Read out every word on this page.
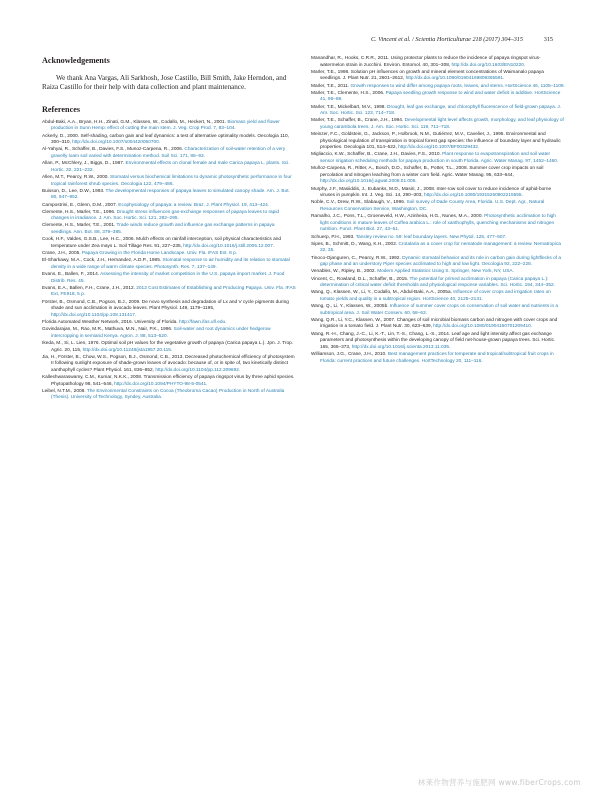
C. Vincent et al. / Scientia Horticulturae 218 (2017) 304–315	315
Acknowledgements

We thank Ana Vargas, Ali Sarkhosh, Jose Castillo, Bill Smith, Jake Herndon, and Raiza Castillo for their help with data collection and plant maintenance.

References

Abdul-Baki, A.A., Bryan, H.H., Zinati, G.M., Klassen, W., Codallo, M., Heckert, N., 2001. Biomass yield and flower production in Sunn Hemp: effect of cutting the main stem. J. Veg. Crop Prod. 7, 83–104.

Ackerly, D., 2000. Self-shading, carbon gain and leaf dynamics: a test of alternative optimality models. Oecologia 110, 300–310, http://dx.doi.org/10.1007/s004420050700.

Al-Yahyai, R., Schaffer, B., Davies, F.S., Munoz-Carpena, R., 2006. Characterization of soil-water retention of a very gravelly loam soil varied with determination method. Soil Sci. 171, 85–93.

Allan, P., McChlery, J., Biggs, D., 1987. Environmental effects on clonal female and male Carica papaya L. plants. Sci. Hortic. 32, 221–232.

Allen, M.T., Pearcy, R.W., 2000. Stomatal versus biochemical limitations to dynamic photosynthetic performance in four tropical rainforest shrub species. Oecologia 122, 479–486.

Buisson, D., Lee, D.W., 1993. The developmental responses of papaya leaves to simulated canopy shade. Am. J. Bot. 80, 947–952.

Campostrini, E., Glenn, D.M., 2007. Ecophysiology of papaya: a review. Braz. J. Plant Physiol. 19, 413–424.

Clemente, H.S., Marler, T.E., 1996. Drought stress influences gas-exchange responses of papaya leaves to rapid changes in irradiance. J. Am. Soc. Hortic. Sci. 121, 292–295.

Clemente, H.S., Marler, T.E., 2001. Trade winds reduce growth and influence gas exchange patterns in papaya seedlings. Ann. Bot. 88, 379–385.

Cook, H.F., Valdes, G.S.B., Lee, H.C., 2006. Mulch effects on rainfall interception, soil physical characteristics and temperature under Zea mays L. Soil Tillage Res. 91, 227–235, http://dx.doi.org/10.1016/j.still.2005.12.007.

Crane, J.H., 2005. Papaya Growing in the Florida Home Landscape. Univ. Fla. IFAS Ext. 8 p.

El-Sharkawy, M.A., Cock, J.H., Hernandez, A.D.P., 1985. Stomatal response to air humidity and its relation to stomatal density in a wide range of warm climate species. Photosynth. Res. 7, 137–149.

Evans, E., Ballen, F., 2014. Assessing the intensity of market competition in the U.S. papaya import market. J. Food Distrib. Res. 45.

Evans, E.A., Ballen, F.H., Crane, J.H., 2012. 2012 Cost Estimates of Establishing and Producing Papaya. Univ. Fla. IFAS Ext, FE918, 5 p.

Förster, B., Osmond, C.B., Pogson, B.J., 2009. De novo synthesis and degradation of Lx and V cycle pigments during shade and sun acclimation in avocado leaves. Plant Physiol. 149, 1179–1195, http://dx.doi.org/10.1104/pp.108.131417.

Florida Automated Weather Network, 2016. University of Florida. http://fawn.ifas.ufl.edu.

Govindarajan, M., Rao, M.R., Mathuva, M.N., Nair, P.K., 1996. Soil-water and root dynamics under hedgerow intercropping in semiarid Kenya. Agron. J. 88, 513–520.

Ikeda, M., Si, L. Lien, 1976. Optimal soil pH values for the vegetative growth of papaya (Carica papaya L.). Jpn. J. Trop. Agric. 20, 115, http://dx.doi.org/10.11248/jsta1957.20.115.

Jia, H., Förster, B., Chow, W.S., Pogson, B.J., Osmond, C.B., 2013. Decreased photochemical efficiency of photosystem II following sunlight exposure of shade-grown leaves of avocado: because of, or in spite of, two kinetically distinct xanthophyll cycles? Plant Physiol. 161, 836–852, http://dx.doi.org/10.1104/pp.112.209692.

Kalleshwaraswamy, C.M., Kumar, N.K.K., 2008. Transmission efficiency of papaya ringspot virus by three aphid species. Phytopathology 98, 541–546, http://dx.doi.org/10.1094/PHYTO-98-5-0541.

Leibel, N.T.M., 2008. The Environmental Constraints on Cocoa (Theobroma Cacao) Production in North of Australia (Thesis). University of Technology, Syndey, Australia.

Manandhar, R., Hooks, C.R.R., 2011. Using protector plants to reduce the incidence of papaya ringspot virus-watermelon strain in zucchini. Environ. Entomol. 40, 301–308, http://dx.doi.org/10.1603/EN10220.

Marler, T.E., 1998. Solution pH influences on growth and mineral element concentrations of Waimanalo papaya seedlings. J. Plant Nutr. 21, 2601–2612, http://dx.doi.org/10.1080/01904169809365591.

Marler, T.E., 2011. Growth responses to wind differ among papaya roots, leaves, and stems. HortScience 46, 1105–1109.

Marler, T.E., Clemente, H.S., 2006. Papaya seedling growth response to wind and water deficit is additive. HortScience 41, 96–98.

Marler, T.E., Mickelbart, M.V., 1998. Drought, leaf gas exchange, and chlorophyll fluorescence of field-grown papaya. J. Am. Soc. Hortic. Sci. 123, 714–718.

Marler, T.E., Schaffer, B., Crane, J.H., 1994. Developmental light level affects growth, morphology, and leaf physiology of young carambola trees. J. Am. Soc. Hortic. Sci. 119, 711–718.

Meinzer, F.C., Goldstein, G., Jackson, P., Holbrook, N.M., Gutiérrez, M.V., Cavelier, J., 1995. Environmental and physiological regulation of transpiration in tropical forest gap species: the influence of boundary layer and hydraulic properties. Oecologia 101, 514–522, http://dx.doi.org/10.1007/BF00329432.

Migliaccio, K.W., Schaffer, B., Crane, J.H., Davies, F.S., 2010. Plant response to evapotranspiration and soil water sensor irrigation scheduling methods for papaya production in south Florida. Agric. Water Manag. 97, 1452–1460.

Muñoz-Carpena, R., Ritter, A., Bosch, D.D., Schaffer, B., Potter, T.L., 2008. Summer cover crop impacts on soil percolation and nitrogen leaching from a winter corn field. Agric. Water Manag. 95, 633–644, http://dx.doi.org/10.1016/j.agwat.2008.01.005.

Murphy, J.F., Masiiddis, J., Eubanks, M.D., Masiri, J., 2008. Inter-row soil cover to reduce incidence of aphid-borne viruses in pumpkin. Int. J. Veg. Sci. 14, 290–303, http://dx.doi.org/10.1080/19315260802215555.

Noble, C.V., Drew, R.W., Slabaugh, V., 1996. Soil survey of Dade County Area, Florida. U.S. Dept. Agr., Natural Resources Conservation Service, Washington, DC.

Ramalho, J.C., Pons, T.L., Groeneveld, H.W., Azinheira, H.G., Nunes, M.A., 2000. Photosynthetic acclimation to high light conditions in mature leaves of Coffea arabica L.: role of xanthophylls, quenching mechanisms and nitrogen nutrition. Funct. Plant Biol. 27, 43–51.

Schuerp, P.H., 1993. Tansley review no. 59: leaf boundary layers. New Phytol. 125, 477–507.

Sipes, B., Schmitt, D., Wang, K.H., 2002. Crotalaria as a cover crop for nematode management: a review. Nematropica 32, 35.

Tinoco-Ojanguren, C., Pearcy, R.W., 1992. Dynamic stomatal behavior and its role in carbon gain during lightflecks of a gap phase and an understory Piper species acclimated to high and low light. Oecologia 92, 222–228.

Venables, W., Ripley, B., 2002. Modern Applied Statistics Using S. Springer, New York, NY, USA.

Vincent, C., Rowland, D.L., Schaffer, B., 2015. The potential for primed acclimation in papaya (Carica papaya L.): determination of critical water deficit thresholds and physiological response variables. Sci. Hortic. 194, 344–352.

Wang, Q., Klassen, W., Li, Y., Codallo, M., Abdul-Baki, A.A., 2005a. Influence of cover crops and irrigation rates on tomato yields and quality in a subtropical region. HortScience 40, 2125–2131.

Wang, Q., Li, Y., Klassen, W., 2005b. Influence of summer cover crops on conservation of soil water and nutrients in a subtropical area. J. Soil Water Conserv. 60, 58–63.

Wang, Q.R., Li, Y.C., Klassen, W., 2007. Changes of soil microbial biomass carbon and nitrogen with cover crops and irrigation in a tomato field. J. Plant Nutr. 30, 623–639, http://dx.doi.org/10.1080/01904160701209410.

Wang, R.-H., Chang, J.-C., Li, K.-T., Lin, T.-S., Chang, L.-S., 2014. Leaf age and light intensity affect gas exchange parameters and photosynthesis within the developing canopy of field net-house-grown papaya trees. Sci. Hortic. 165, 365–373, http://dx.doi.org/10.1016/j.scienta.2013.11.035.

Williamson, J.G., Crane, J.H., 2010. Best management practices for temperate and tropical/subtropical fruit crops in Florida: current practices and future challenges. HortTechnology 20, 111–116.

林莱作物营养与施肥网 www.fiberCrops.com
